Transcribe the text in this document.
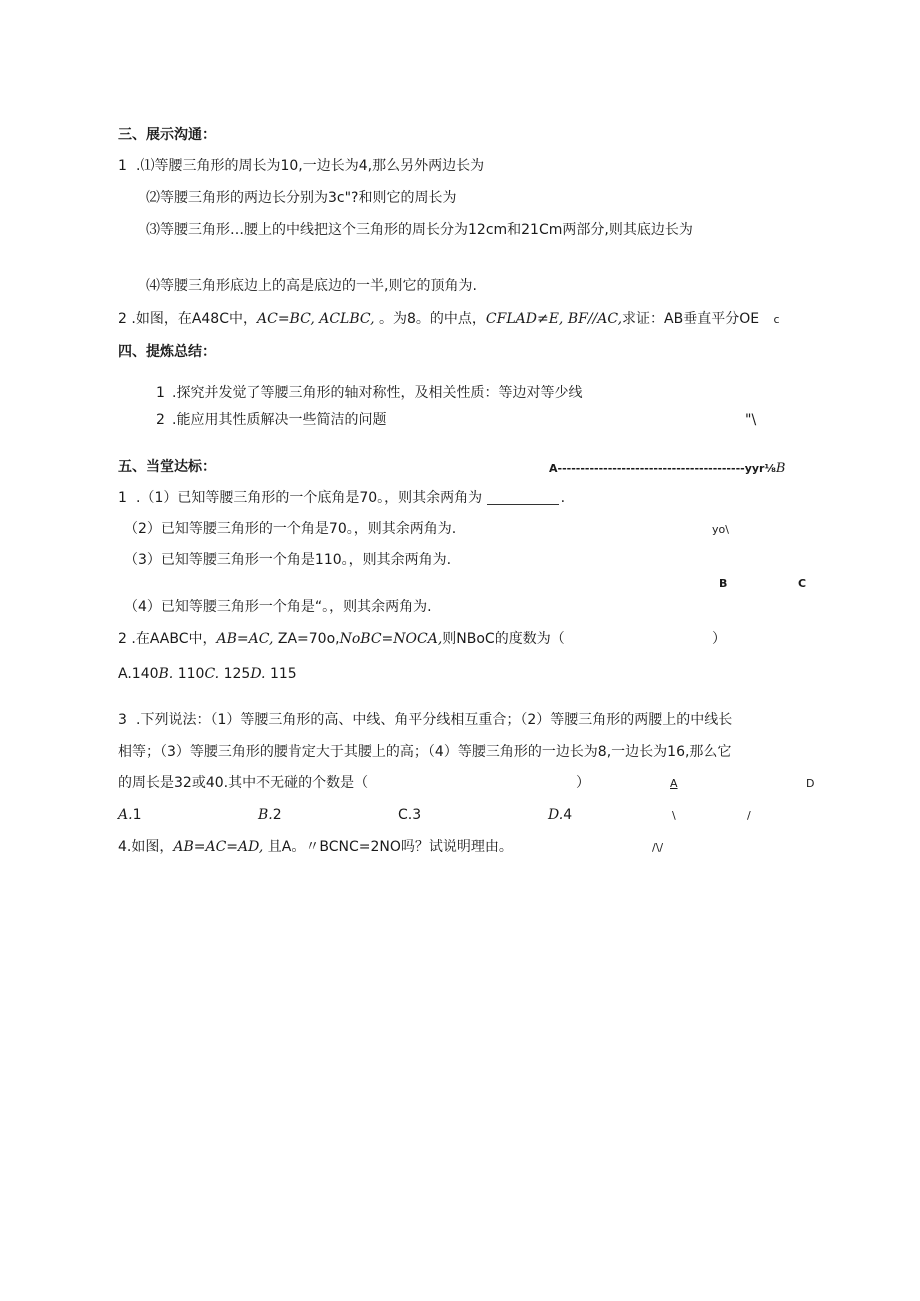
三、展示沟通：
1 .⑴等腰三角形的周长为10,一边长为4,那么另外两边长为
⑵等腰三角形的两边长分别为3c"?和则它的周长为
⑶等腰三角形…腰上的中线把这个三角形的周长分为12cm和21Cm两部分,则其底边长为
⑷等腰三角形底边上的高是底边的一半,则它的顶角为.
2 .如图，在A48C中，AC=BC, ACLBC, 。为8。的中点，CFLAD≠E, BF//AC,求证：AB垂直平分OE c
四、提炼总结：
1 .探究并发觉了等腰三角形的轴对称性，及相关性质：等边对等少线
2 .能应用其性质解决一些简洁的问题	"\
五、当堂达标：	A-----------------------------------------yyr⅛B
1 .（1）已知等腰三角形的一个底角是70。，则其余两角为	.
（2）已知等腰三角形的一个角是70。，则其余两角为.	yo\
（3）已知等腰三角形一个角是110。，则其余两角为.
B	C
（4）已知等腰三角形一个角是“。，则其余两角为.
2 .在AABC中，AB=AC, ZA=70o,NoBC=NOCA,则NBoC的度数为（	）
A.140B. 110C. 125D. 115
3 .下列说法：（1）等腰三角形的高、中线、角平分线相互重合；（2）等腰三角形的两腰上的中线长
相等；（3）等腰三角形的腰肯定大于其腰上的高；（4）等腰三角形的一边长为8,一边长为16,那么它
的周长是32或40.其中不无碰的个数是（	）	A	D
A.1	B.2	C.3	D.4	\	/
4.如图，AB=AC=AD, 且A。〃BCNC=2NO吗？试说明理由。	/\/
